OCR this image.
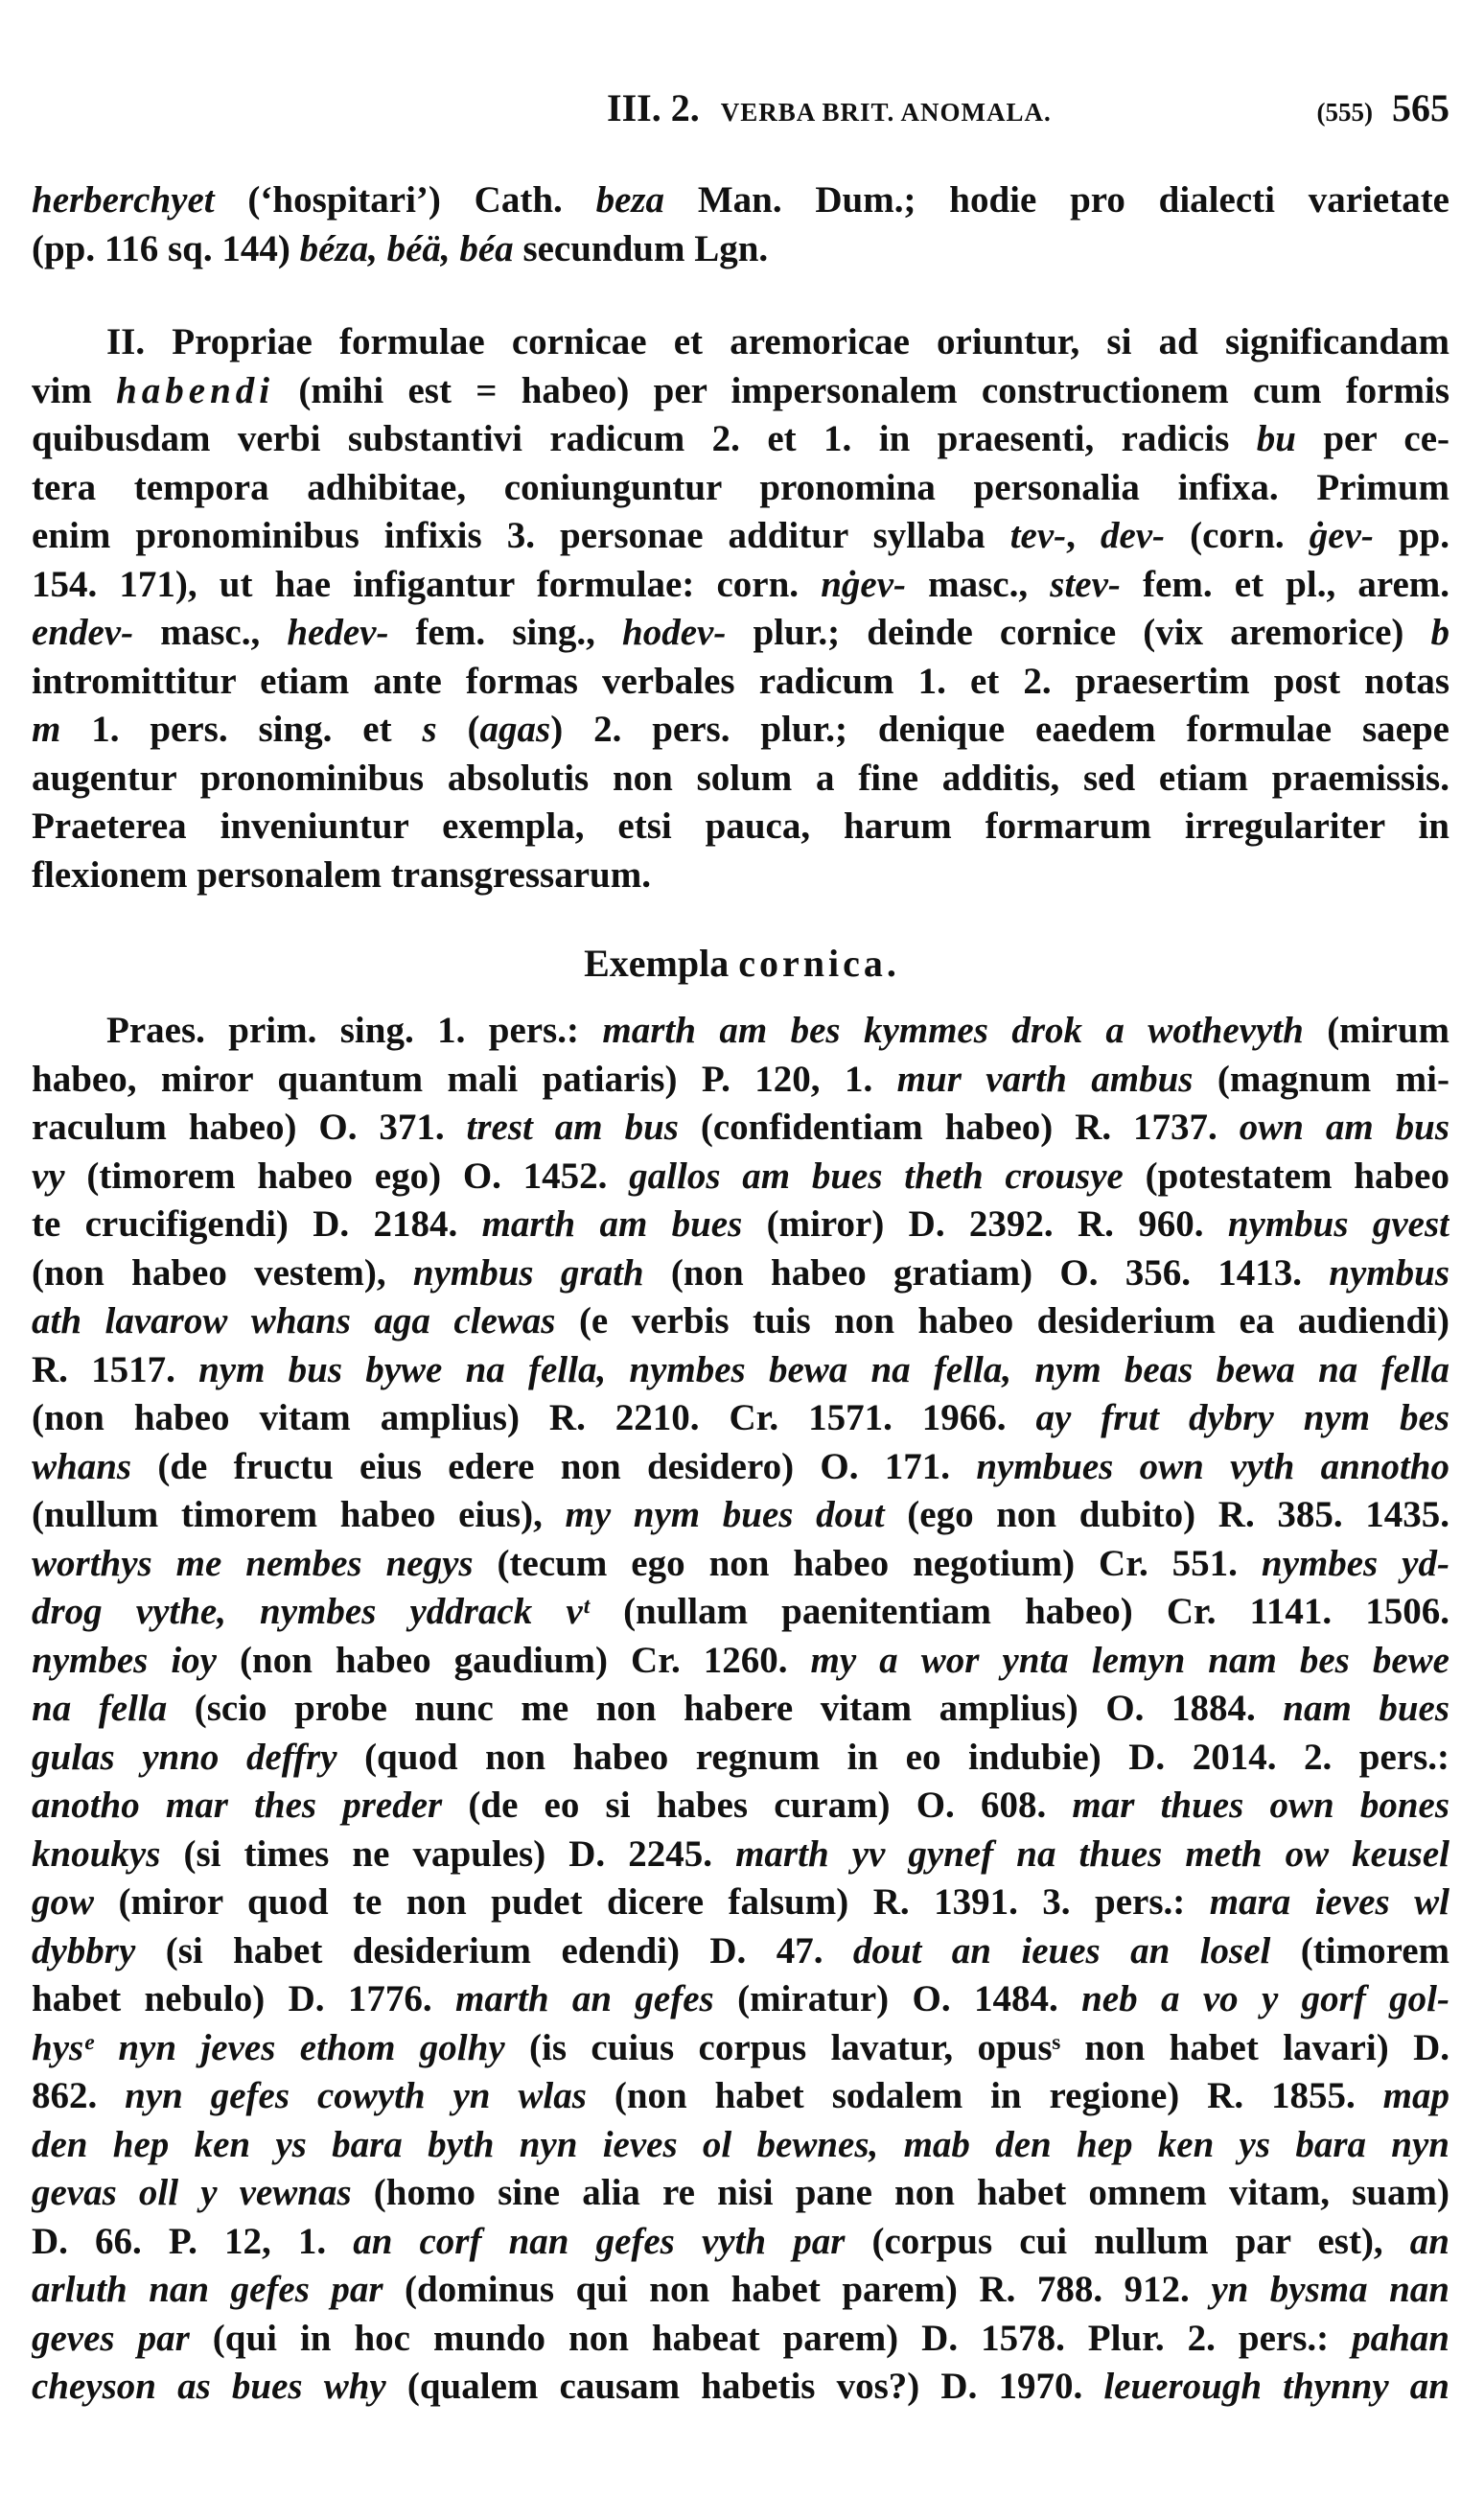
III. 2. VERBA BRIT. ANOMALA.	(555) 565
herberchyet (‘hospitari’) Cath. beza Man. Dum.; hodie pro dialecti varietate
(pp. 116 sq. 144) béza, béä, béa secundum Lgn.
II. Propriae formulae cornicae et aremoricae oriuntur, si ad significandam
vim habendi (mihi est = habeo) per impersonalem constructionem cum formis
quibusdam verbi substantivi radicum 2. et 1. in praesenti, radicis bu per ce-
tera tempora adhibitae, coniunguntur pronomina personalia infixa. Primum
enim pronominibus infixis 3. personae additur syllaba tev-, dev- (corn. ġev- pp.
154. 171), ut hae infigantur formulae: corn. nġev- masc., stev- fem. et pl., arem.
endev- masc., hedev- fem. sing., hodev- plur.; deinde cornice (vix aremorice) b
intromittitur etiam ante formas verbales radicum 1. et 2. praesertim post notas
m 1. pers. sing. et s (agas) 2. pers. plur.; denique eaedem formulae saepe
augentur pronominibus absolutis non solum a fine additis, sed etiam praemissis.
Praeterea inveniuntur exempla, etsi pauca, harum formarum irregulariter in
flexionem personalem transgressarum.
Exempla cornica.
Praes. prim. sing. 1. pers.: marth am bes kymmes drok a wothevyth (mirum
habeo, miror quantum mali patiaris) P. 120, 1. mur varth ambus (magnum mi-
raculum habeo) O. 371. trest am bus (confidentiam habeo) R. 1737. own am bus
vy (timorem habeo ego) O. 1452. gallos am bues theth crousye (potestatem habeo
te crucifigendi) D. 2184. marth am bues (miror) D. 2392. R. 960. nymbus gvest
(non habeo vestem), nymbus grath (non habeo gratiam) O. 356. 1413. nymbus
ath lavarow whans aga clewas (e verbis tuis non habeo desiderium ea audiendi)
R. 1517. nym bus bywe na fella, nymbes bewa na fella, nym beas bewa na fella
(non habeo vitam amplius) R. 2210. Cr. 1571. 1966. ay frut dybry nym bes
whans (de fructu eius edere non desidero) O. 171. nymbues own vyth annotho
(nullum timorem habeo eius), my nym bues dout (ego non dubito) R. 385. 1435.
worthys me nembes negys (tecum ego non habeo negotium) Cr. 551. nymbes yd-
drog vythe, nymbes yddrack vᵗ (nullam paenitentiam habeo) Cr. 1141. 1506.
nymbes ioy (non habeo gaudium) Cr. 1260. my a wor ynta lemyn nam bes bewe
na fella (scio probe nunc me non habere vitam amplius) O. 1884. nam bues
gulas ynno deffry (quod non habeo regnum in eo indubie) D. 2014. 2. pers.:
anotho mar thes preder (de eo si habes curam) O. 608. mar thues own bones
knoukys (si times ne vapules) D. 2245. marth yv gynef na thues meth ow keusel
gow (miror quod te non pudet dicere falsum) R. 1391. 3. pers.: mara ieves wl
dybbry (si habet desiderium edendi) D. 47. dout an ieues an losel (timorem
habet nebulo) D. 1776. marth an gefes (miratur) O. 1484. neb a vo y gorf gol-
hysᵉ nyn jeves ethom golhy (is cuius corpus lavatur, opusˢ non habet lavari) D.
862. nyn gefes cowyth yn wlas (non habet sodalem in regione) R. 1855. map
den hep ken ys bara byth nyn ieves ol bewnes, mab den hep ken ys bara nyn
gevas oll y vewnas (homo sine alia re nisi pane non habet omnem vitam, suam)
D. 66. P. 12, 1. an corf nan gefes vyth par (corpus cui nullum par est), an
arluth nan gefes par (dominus qui non habet parem) R. 788. 912. yn bysma nan
geves par (qui in hoc mundo non habeat parem) D. 1578. Plur. 2. pers.: pahan
cheyson as bues why (qualem causam habetis vos?) D. 1970. leuerough thynny an
